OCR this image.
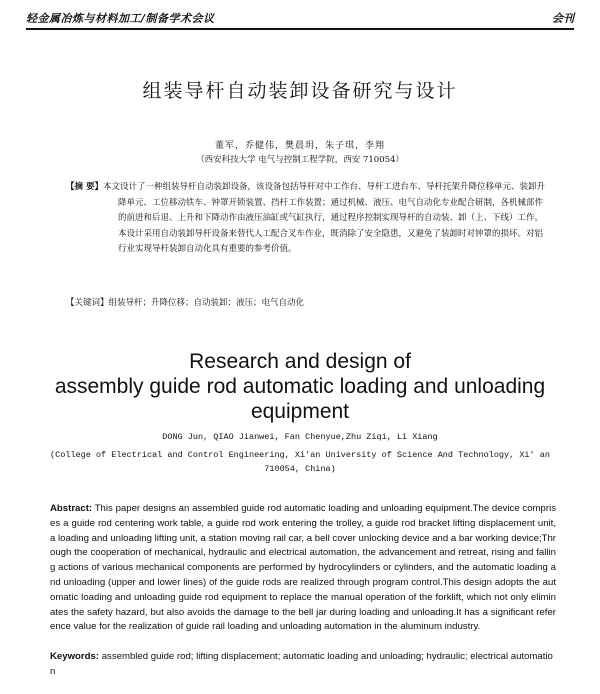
轻金属冶炼与材料加工/制备学术会议	会刊
组装导杆自动装卸设备研究与设计
董军，乔健伟，樊晨玥，朱子琪，李翔
（西安科技大学 电气与控制工程学院，西安 710054）
【摘 要】本文设计了一种组装导杆自动装卸设备，该设备包括导杆对中工作台、导杆工进台车、导杆托架升降位移单元、装卸升降单元、工位移动铁车、钟罩开锁装置、挡杆工作装置；通过机械、液压、电气自动化专业配合研制，各机械部件的前进和后退、上升和下降动作由液压油缸或气缸执行，通过程序控制实现导杆的自动装、卸（上、下线）工作。本设计采用自动装卸导杆设备来替代人工配合叉车作业，既消除了安全隐患，又避免了装卸时对钟罩的损坏。对铝行业实现导杆装卸自动化具有重要的参考价值。
【关键词】组装导杆；升降位移；自动装卸；液压；电气自动化
Research and design of
assembly guide rod automatic loading and unloading
equipment
DONG Jun, QIAO Jianwei, Fan Chenyue,Zhu Ziqi, Li Xiang
(College of Electrical and Control Engineering, Xi'an University of Science And Technology, Xi' an 710054, China)
Abstract: This paper designs an assembled guide rod automatic loading and unloading equipment.The device comprises a guide rod centering work table, a guide rod work entering the trolley, a guide rod bracket lifting displacement unit, a loading and unloading lifting unit, a station moving rail car, a bell cover unlocking device and a bar working device;Through the cooperation of mechanical, hydraulic and electrical automation, the advancement and retreat, rising and falling actions of various mechanical components are performed by hydrocylinders or cylinders, and the automatic loading and unloading (upper and lower lines) of the guide rods are realized through program control.This design adopts the automatic loading and unloading guide rod equipment to replace the manual operation of the forklift, which not only eliminates the safety hazard, but also avoids the damage to the bell jar during loading and unloading.It has a significant reference value for the realization of guide rail loading and unloading automation in the aluminum industry.
Keywords: assembled guide rod; lifting displacement; automatic loading and unloading; hydraulic; electrical automation
